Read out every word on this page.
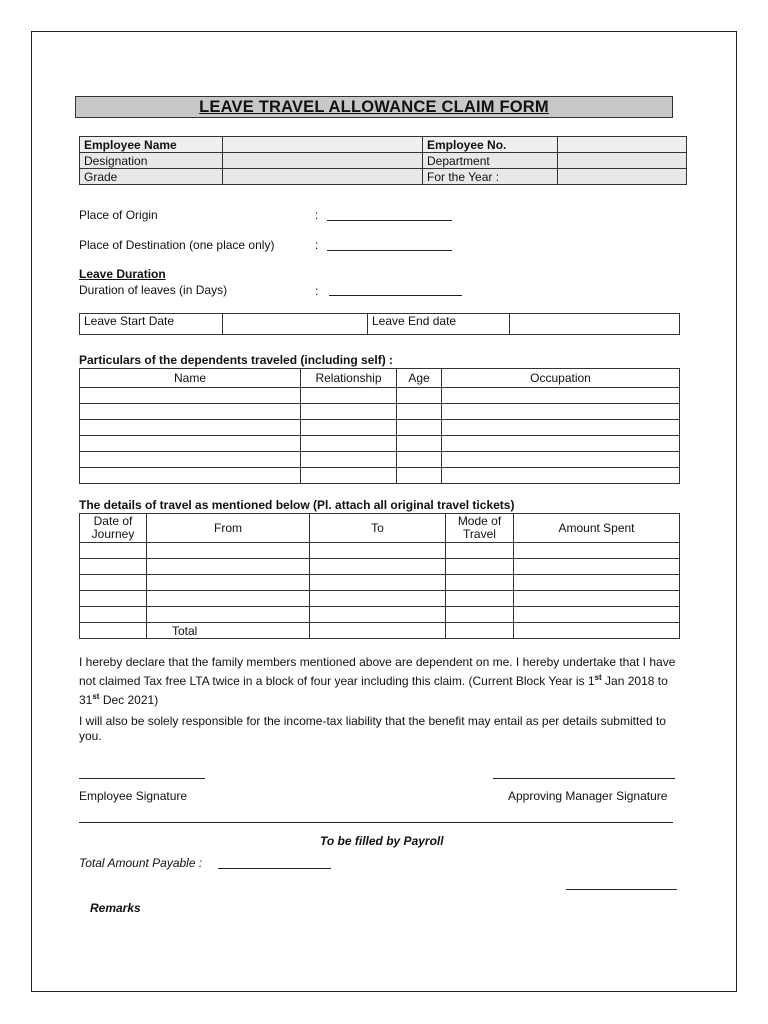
LEAVE TRAVEL ALLOWANCE CLAIM FORM
Employee Name		Employee No.	
Designation		Department	
Grade		For the Year :	
Place of Origin	:
Place of Destination (one place only)	:
Leave Duration
Duration of leaves (in Days)	:
Leave Start Date		Leave End date	
Particulars of the dependents traveled (including self) :
Name	Relationship	Age	Occupation

The details of travel as mentioned below (Pl. attach all original travel tickets)
Date of Journey	From	To	Mode of Travel	Amount Spent

	Total			
I hereby declare that the family members mentioned above are dependent on me. I hereby undertake that I have not claimed Tax free LTA twice in a block of four year including this claim. (Current Block Year is 1st Jan 2018 to 31st Dec 2021)
I will also be solely responsible for the income-tax liability that the benefit may entail as per details submitted to you.
Employee Signature	Approving Manager Signature
To be filled by Payroll
Total Amount Payable :
Remarks
